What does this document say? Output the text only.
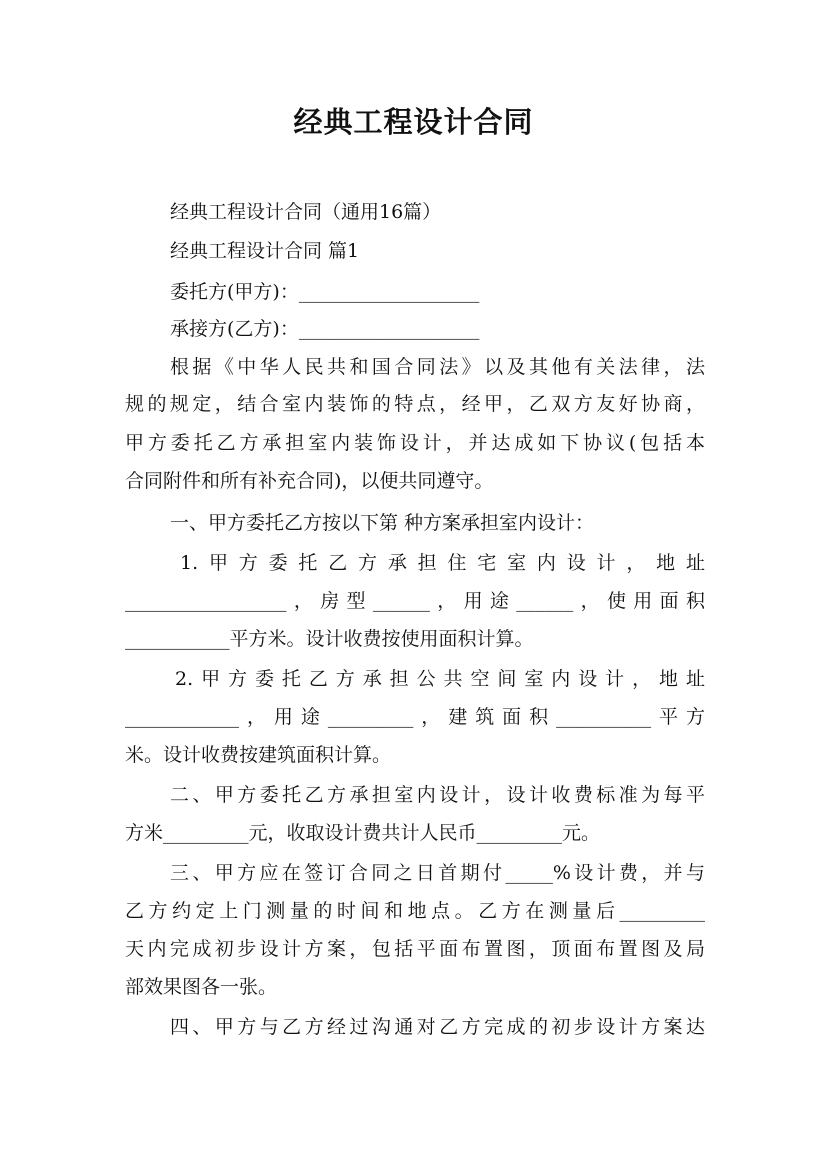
经典工程设计合同
经典工程设计合同（通用16篇）
经典工程设计合同 篇1
委托方(甲方)：___________________
承接方(乙方)：___________________
根据《中华人民共和国合同法》以及其他有关法律，法
规的规定，结合室内装饰的特点，经甲，乙双方友好协商，
甲方委托乙方承担室内装饰设计，并达成如下协议(包括本
合同附件和所有补充合同)，以便共同遵守。
一、甲方委托乙方按以下第 种方案承担室内设计：
1.甲方委托乙方承担住宅室内设计，地址
_________________，房型______，用途______，使用面积
___________平方米。设计收费按使用面积计算。
2.甲方委托乙方承担公共空间室内设计，地址
____________，用途_________，建筑面积__________平方
米。设计收费按建筑面积计算。
二、甲方委托乙方承担室内设计，设计收费标准为每平
方米_________元，收取设计费共计人民币_________元。
三、甲方应在签订合同之日首期付_____%设计费，并与
乙方约定上门测量的时间和地点。乙方在测量后_________
天内完成初步设计方案，包括平面布置图，顶面布置图及局
部效果图各一张。
四、甲方与乙方经过沟通对乙方完成的初步设计方案达
